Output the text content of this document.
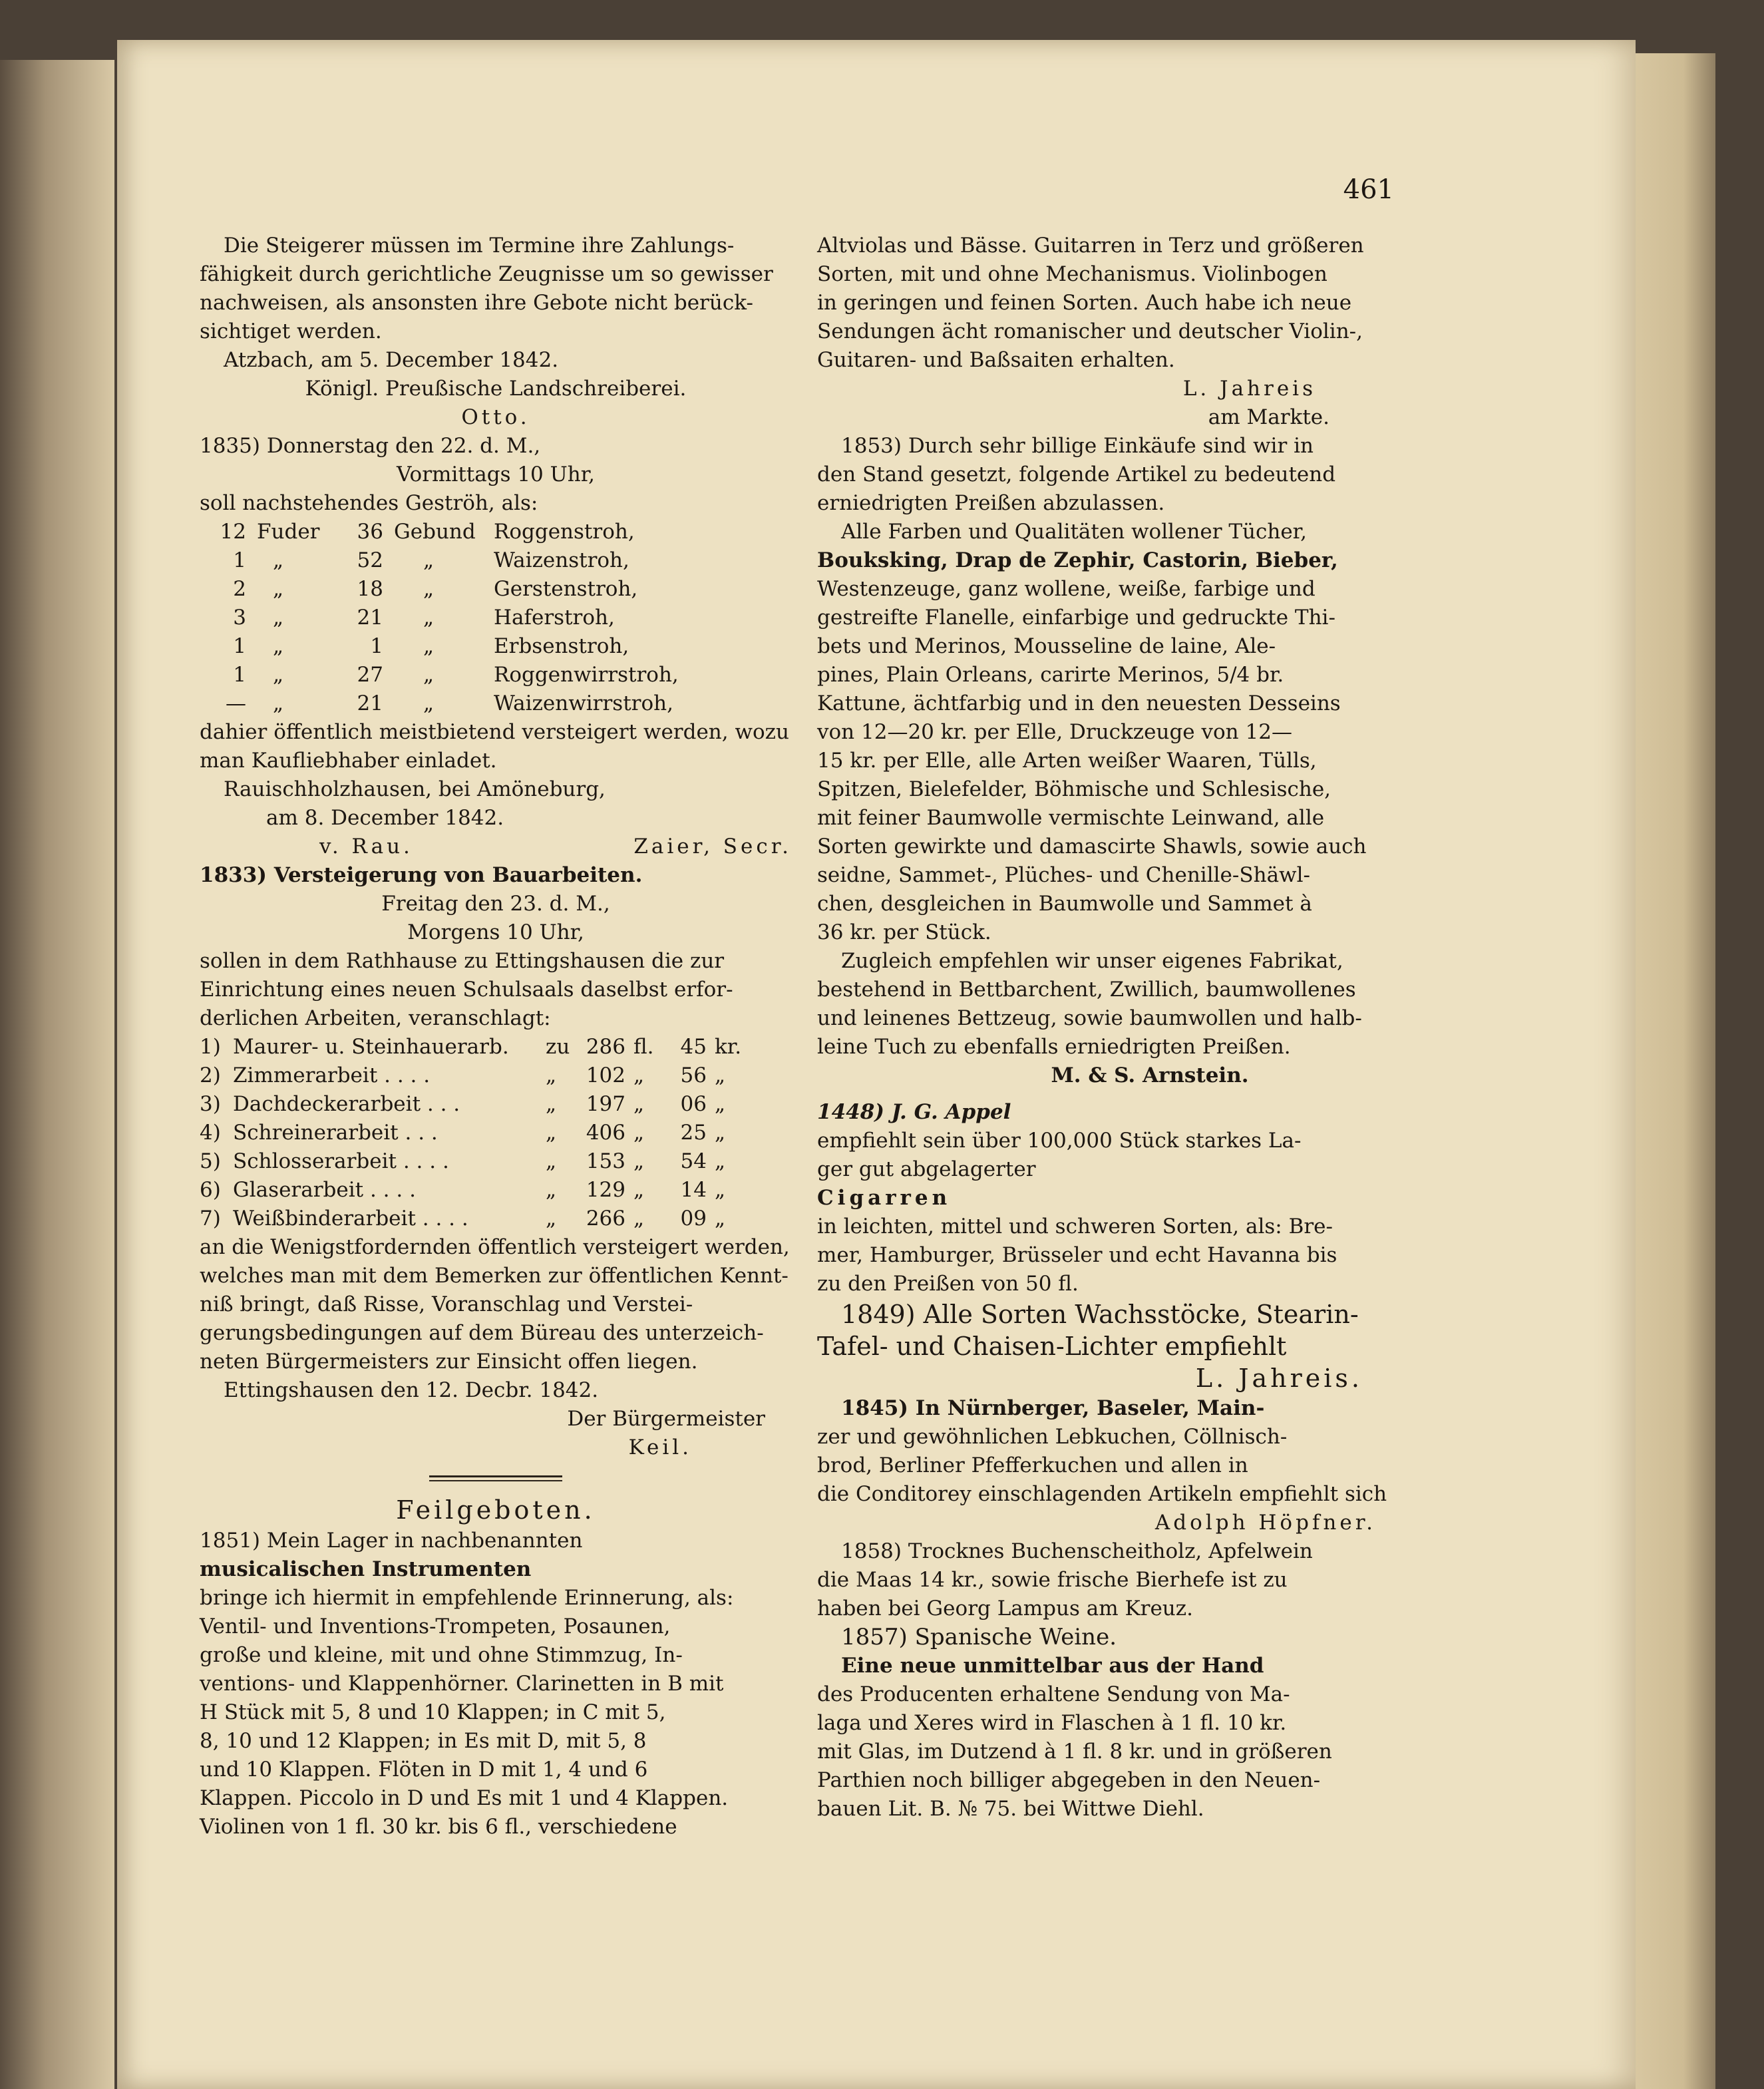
461

Die Steigerer müssen im Termine ihre Zahlungs-

fähigkeit durch gerichtliche Zeugnisse um so gewisser

nachweisen, als ansonsten ihre Gebote nicht berück-

sichtiget werden.

Atzbach, am 5. December 1842.

Königl. Preußische Landschreiberei.

Otto.

1835) Donnerstag den 22. d. M.,

Vormittags 10 Uhr,

soll nachstehendes Geströh, als:

12	Fuder	36	Gebund	Roggenstroh,
1	„	52	„	Waizenstroh,
2	„	18	„	Gerstenstroh,
3	„	21	„	Haferstroh,
1	„	1	„	Erbsenstroh,
1	„	27	„	Roggenwirrstroh,
—	„	21	„	Waizenwirrstroh,

dahier öffentlich meistbietend versteigert werden, wozu

man Kaufliebhaber einladet.

Rauischholzhausen, bei Amöneburg,

am 8. December 1842.

v. Rau.	Zaier, Secr.

1833) Versteigerung von Bauarbeiten.

Freitag den 23. d. M.,

Morgens 10 Uhr,

sollen in dem Rathhause zu Ettingshausen die zur

Einrichtung eines neuen Schulsaals daselbst erfor-

derlichen Arbeiten, veranschlagt:

1)	Maurer- u. Steinhauerarb.	zu	286	fl.	45	kr.
2)	Zimmerarbeit . . . .	„	102	„	56	„
3)	Dachdeckerarbeit . . .	„	197	„	06	„
4)	Schreinerarbeit . . .	„	406	„	25	„
5)	Schlosserarbeit . . . .	„	153	„	54	„
6)	Glaserarbeit . . . .	„	129	„	14	„
7)	Weißbinderarbeit . . . .	„	266	„	09	„

an die Wenigstfordernden öffentlich versteigert werden,

welches man mit dem Bemerken zur öffentlichen Kennt-

niß bringt, daß Risse, Voranschlag und Verstei-

gerungsbedingungen auf dem Büreau des unterzeich-

neten Bürgermeisters zur Einsicht offen liegen.

Ettingshausen den 12. Decbr. 1842.

Der Bürgermeister

Keil.

Feilgeboten.

1851) Mein Lager in nachbenannten

musicalischen Instrumenten

bringe ich hiermit in empfehlende Erinnerung, als:

Ventil- und Inventions-Trompeten, Posaunen,

große und kleine, mit und ohne Stimmzug, In-

ventions- und Klappenhörner. Clarinetten in B mit

H Stück mit 5, 8 und 10 Klappen; in C mit 5,

8, 10 und 12 Klappen; in Es mit D, mit 5, 8

und 10 Klappen. Flöten in D mit 1, 4 und 6

Klappen. Piccolo in D und Es mit 1 und 4 Klappen.

Violinen von 1 fl. 30 kr. bis 6 fl., verschiedene

Altviolas und Bässe. Guitarren in Terz und größeren

Sorten, mit und ohne Mechanismus. Violinbogen

in geringen und feinen Sorten. Auch habe ich neue

Sendungen ächt romanischer und deutscher Violin-,

Guitaren- und Baßsaiten erhalten.

L. Jahreis

am Markte.

1853) Durch sehr billige Einkäufe sind wir in

den Stand gesetzt, folgende Artikel zu bedeutend

erniedrigten Preißen abzulassen.

Alle Farben und Qualitäten wollener Tücher,

Bouksking, Drap de Zephir, Castorin, Bieber,

Westenzeuge, ganz wollene, weiße, farbige und

gestreifte Flanelle, einfarbige und gedruckte Thi-

bets und Merinos, Mousseline de laine, Ale-

pines, Plain Orleans, carirte Merinos, 5/4 br.

Kattune, ächtfarbig und in den neuesten Desseins

von 12—20 kr. per Elle, Druckzeuge von 12—

15 kr. per Elle, alle Arten weißer Waaren, Tülls,

Spitzen, Bielefelder, Böhmische und Schlesische,

mit feiner Baumwolle vermischte Leinwand, alle

Sorten gewirkte und damascirte Shawls, sowie auch

seidne, Sammet-, Plüches- und Chenille-Shäwl-

chen, desgleichen in Baumwolle und Sammet à

36 kr. per Stück.

Zugleich empfehlen wir unser eigenes Fabrikat,

bestehend in Bettbarchent, Zwillich, baumwollenes

und leinenes Bettzeug, sowie baumwollen und halb-

leine Tuch zu ebenfalls erniedrigten Preißen.

M. & S. Arnstein.

1448) J. G. Appel

empfiehlt sein über 100,000 Stück starkes La-

ger gut abgelagerter

Cigarren

in leichten, mittel und schweren Sorten, als: Bre-

mer, Hamburger, Brüsseler und echt Havanna bis

zu den Preißen von 50 fl.

1849) Alle Sorten Wachsstöcke, Stearin-

Tafel- und Chaisen-Lichter empfiehlt

L. Jahreis.

1845) In Nürnberger, Baseler, Main-

zer und gewöhnlichen Lebkuchen, Cöllnisch-

brod, Berliner Pfefferkuchen und allen in

die Conditorey einschlagenden Artikeln empfiehlt sich

Adolph Höpfner.

1858) Trocknes Buchenscheitholz, Apfelwein

die Maas 14 kr., sowie frische Bierhefe ist zu

haben bei Georg Lampus am Kreuz.

1857) Spanische Weine.

Eine neue unmittelbar aus der Hand

des Producenten erhaltene Sendung von Ma-

laga und Xeres wird in Flaschen à 1 fl. 10 kr.

mit Glas, im Dutzend à 1 fl. 8 kr. und in größeren

Parthien noch billiger abgegeben in den Neuen-

bauen Lit. B. № 75. bei Wittwe Diehl.
